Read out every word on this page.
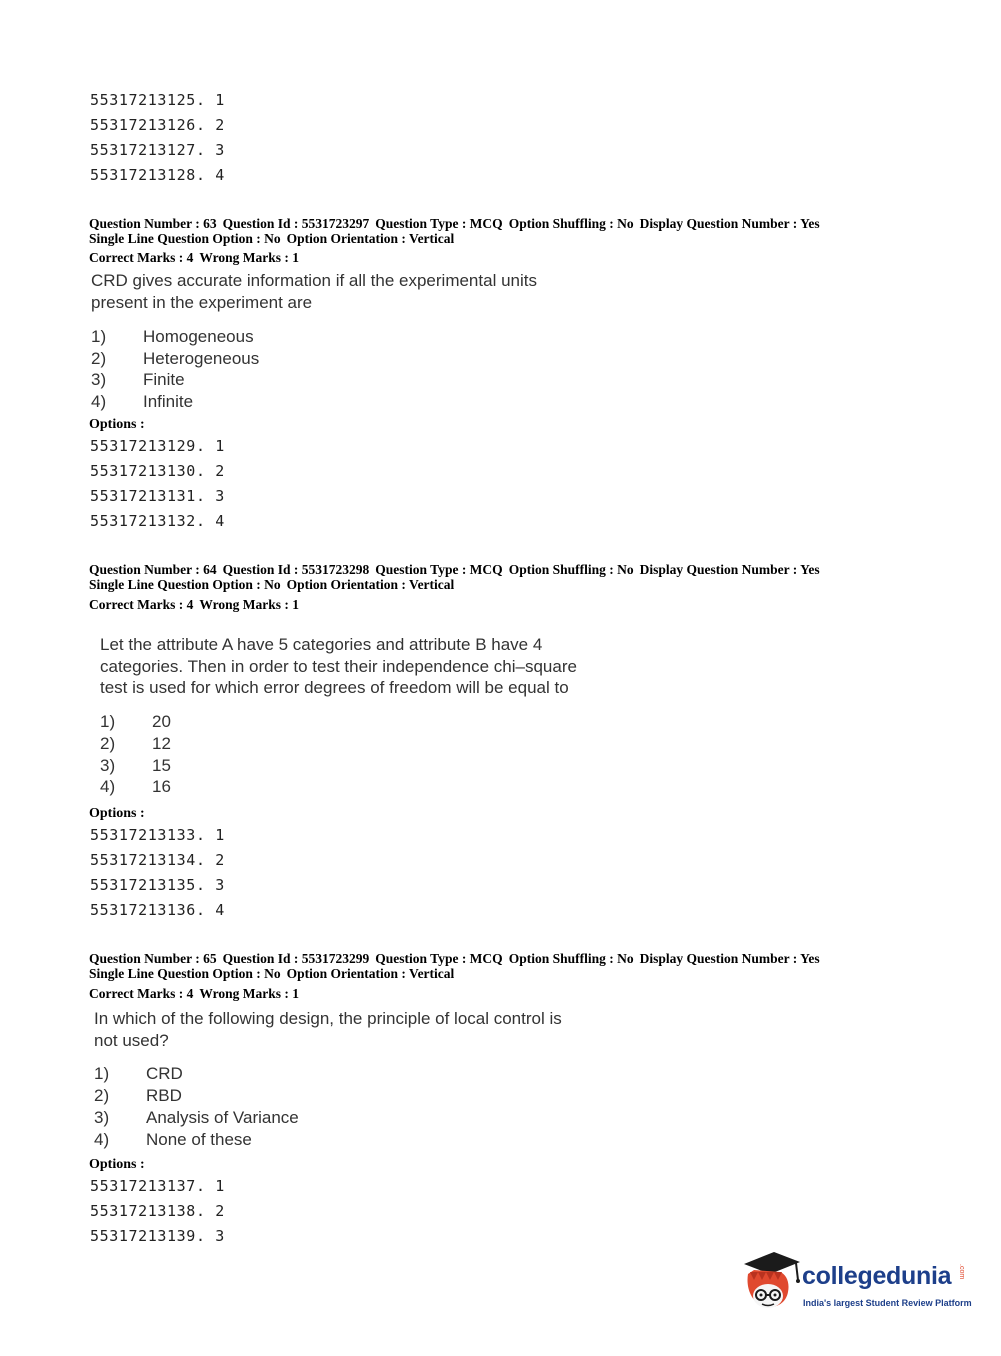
55317213125. 1
55317213126. 2
55317213127. 3
55317213128. 4
Question Number : 63 Question Id : 5531723297 Question Type : MCQ Option Shuffling : No Display Question Number : Yes
Single Line Question Option : No Option Orientation : Vertical
Correct Marks : 4 Wrong Marks : 1
CRD gives accurate information if all the experimental units
present in the experiment are
1) Homogeneous
2) Heterogeneous
3) Finite
4) Infinite
Options :
55317213129. 1
55317213130. 2
55317213131. 3
55317213132. 4
Question Number : 64 Question Id : 5531723298 Question Type : MCQ Option Shuffling : No Display Question Number : Yes
Single Line Question Option : No Option Orientation : Vertical
Correct Marks : 4 Wrong Marks : 1
Let the attribute A have 5 categories and attribute B have 4
categories. Then in order to test their independence chi–square
test is used for which error degrees of freedom will be equal to
1) 20
2) 12
3) 15
4) 16
Options :
55317213133. 1
55317213134. 2
55317213135. 3
55317213136. 4
Question Number : 65 Question Id : 5531723299 Question Type : MCQ Option Shuffling : No Display Question Number : Yes
Single Line Question Option : No Option Orientation : Vertical
Correct Marks : 4 Wrong Marks : 1
In which of the following design, the principle of local control is
not used?
1) CRD
2) RBD
3) Analysis of Variance
4) None of these
Options :
55317213137. 1
55317213138. 2
55317213139. 3
collegedunia .com
India's largest Student Review Platform
